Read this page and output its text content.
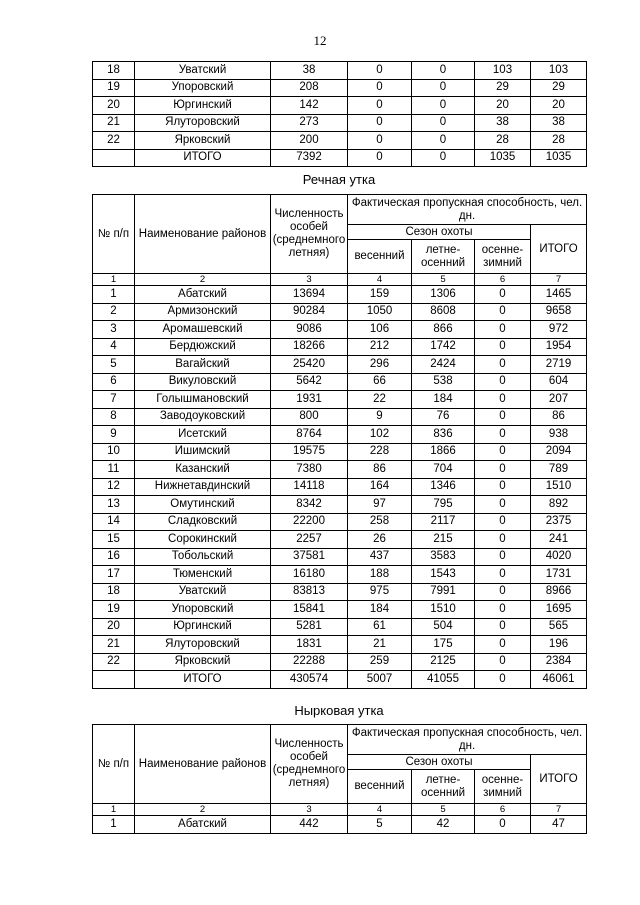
12
18	Уватский	38	0	0	103	103
19	Упоровский	208	0	0	29	29
20	Юргинский	142	0	0	20	20
21	Ялуторовский	273	0	0	38	38
22	Ярковский	200	0	0	28	28
	ИТОГО	7392	0	0	1035	1035
Речная утка
№ п/п	Наименование районов	Численность особей (среднемного летняя)	Фактическая пропускная способность, чел. дн.			
			Сезон охоты			ИТОГО
			весенний	летне- осенний	осенне- зимний	
1	2	3	4	5	6	7
1	Абатский	13694	159	1306	0	1465
2	Армизонский	90284	1050	8608	0	9658
3	Аромашевский	9086	106	866	0	972
4	Бердюжский	18266	212	1742	0	1954
5	Вагайский	25420	296	2424	0	2719
6	Викуловский	5642	66	538	0	604
7	Голышмановский	1931	22	184	0	207
8	Заводоуковский	800	9	76	0	86
9	Исетский	8764	102	836	0	938
10	Ишимский	19575	228	1866	0	2094
11	Казанский	7380	86	704	0	789
12	Нижнетавдинский	14118	164	1346	0	1510
13	Омутинский	8342	97	795	0	892
14	Сладковский	22200	258	2117	0	2375
15	Сорокинский	2257	26	215	0	241
16	Тобольский	37581	437	3583	0	4020
17	Тюменский	16180	188	1543	0	1731
18	Уватский	83813	975	7991	0	8966
19	Упоровский	15841	184	1510	0	1695
20	Юргинский	5281	61	504	0	565
21	Ялуторовский	1831	21	175	0	196
22	Ярковский	22288	259	2125	0	2384
	ИТОГО	430574	5007	41055	0	46061
Нырковая утка
№ п/п	Наименование районов	Численность особей (среднемного летняя)	Фактическая пропускная способность, чел. дн.			
			Сезон охоты			ИТОГО
			весенний	летне- осенний	осенне- зимний	
1	2	3	4	5	6	7
1	Абатский	442	5	42	0	47
